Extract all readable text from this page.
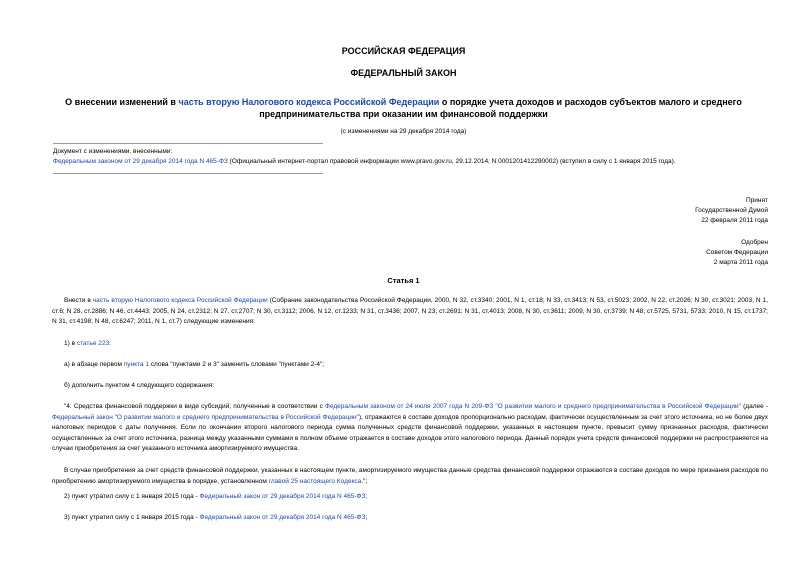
РОССИЙСКАЯ ФЕДЕРАЦИЯ
ФЕДЕРАЛЬНЫЙ ЗАКОН
О внесении изменений в часть вторую Налогового кодекса Российской Федерации о порядке учета доходов и расходов субъектов малого и среднего предпринимательства при оказании им финансовой поддержки
(с изменениями на 29 декабря 2014 года)
Документ с изменениями, внесенными:
Федеральным законом от 29 декабря 2014 года N 465-ФЗ (Официальный интернет-портал правовой информации www.pravo.gov.ru, 29.12.2014, N 0001201412290002) (вступил в силу с 1 января 2015 года).
Принят
Государственной Думой
22 февраля 2011 года
Одобрен
Советом Федерации
2 марта 2011 года
Статья 1
Внести в часть вторую Налогового кодекса Российской Федерации (Собрание законодательства Российской Федерации, 2000, N 32, ст.3340; 2001, N 1, ст.18; N 33, ст.3413; N 53, ст.5023; 2002, N 22, ст.2026; N 30, ст.3021; 2003, N 1, ст.6; N 28, ст.2886; N 46, ст.4443; 2005, N 24, ст.2312; N 27, ст.2707; N 30, ст.3112; 2006, N 12, ст.1233; N 31, ст.3436; 2007, N 23, ст.2691; N 31, ст.4013; 2008, N 30, ст.3611; 2009, N 30, ст.3739; N 48, ст.5725, 5731, 5733; 2010, N 15, ст.1737; N 31, ст.4198; N 48, ст.6247; 2011, N 1, ст.7) следующие изменения:
1) в статье 223:
а) в абзаце первом пункта 1 слова "пунктами 2 и 3" заменить словами "пунктами 2-4";
б) дополнить пунктом 4 следующего содержания:
"4. Средства финансовой поддержки в виде субсидий, полученные в соответствии с Федеральным законом от 24 июля 2007 года N 209-ФЗ "О развитии малого и среднего предпринимательства в Российской Федерации" (далее - Федеральный закон "О развитии малого и среднего предпринимательства в Российской Федерации"), отражаются в составе доходов пропорционально расходам, фактически осуществленным за счет этого источника, но не более двух налоговых периодов с даты получения. Если по окончании второго налогового периода сумма полученных средств финансовой поддержки, указанных в настоящем пункте, превысит сумму признанных расходов, фактически осуществленных за счет этого источника, разница между указанными суммами в полном объеме отражается в составе доходов этого налогового периода. Данный порядок учета средств финансовой поддержки не распространяется на случаи приобретения за счет указанного источника амортизируемого имущества.
В случае приобретения за счет средств финансовой поддержки, указанных в настоящем пункте, амортизируемого имущества данные средства финансовой поддержки отражаются в составе доходов по мере признания расходов по приобретению амортизируемого имущества в порядке, установленном главой 25 настоящего Кодекса.";
2) пункт утратил силу с 1 января 2015 года - Федеральный закон от 29 декабря 2014 года N 465-ФЗ;
3) пункт утратил силу с 1 января 2015 года - Федеральный закон от 29 декабря 2014 года N 465-ФЗ;
